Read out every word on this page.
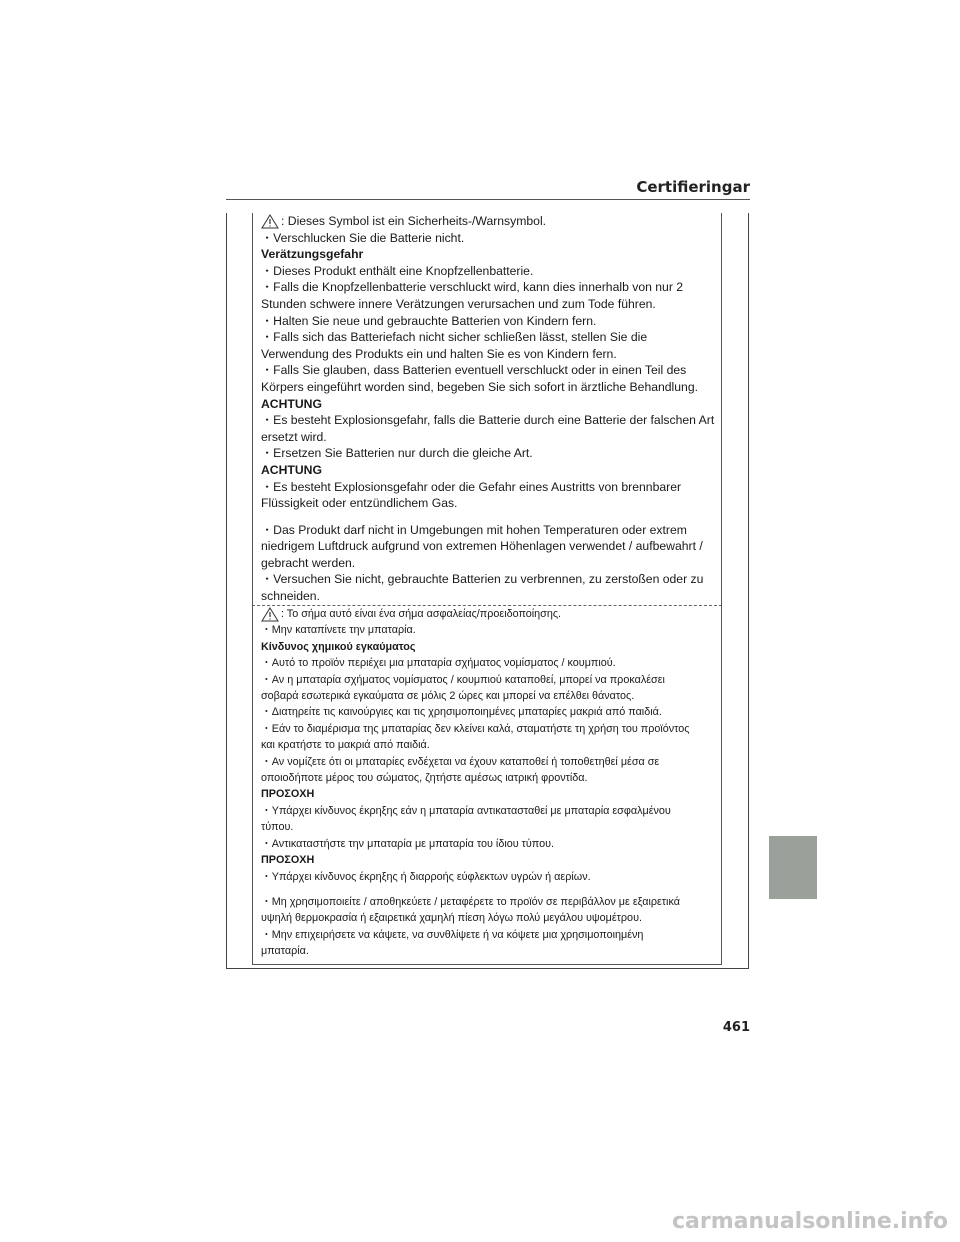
Certifieringar

: Dieses Symbol ist ein Sicherheits-/Warnsymbol.

・Verschlucken Sie die Batterie nicht.

Verätzungsgefahr

・Dieses Produkt enthält eine Knopfzellenbatterie.

・Falls die Knopfzellenbatterie verschluckt wird, kann dies innerhalb von nur 2

Stunden schwere innere Verätzungen verursachen und zum Tode führen.

・Halten Sie neue und gebrauchte Batterien von Kindern fern.

・Falls sich das Batteriefach nicht sicher schließen lässt, stellen Sie die

Verwendung des Produkts ein und halten Sie es von Kindern fern.

・Falls Sie glauben, dass Batterien eventuell verschluckt oder in einen Teil des

Körpers eingeführt worden sind, begeben Sie sich sofort in ärztliche Behandlung.

ACHTUNG

・Es besteht Explosionsgefahr, falls die Batterie durch eine Batterie der falschen Art

ersetzt wird.

・Ersetzen Sie Batterien nur durch die gleiche Art.

ACHTUNG

・Es besteht Explosionsgefahr oder die Gefahr eines Austritts von brennbarer

Flüssigkeit oder entzündlichem Gas.

・Das Produkt darf nicht in Umgebungen mit hohen Temperaturen oder extrem

niedrigem Luftdruck aufgrund von extremen Höhenlagen verwendet / aufbewahrt /

gebracht werden.

・Versuchen Sie nicht, gebrauchte Batterien zu verbrennen, zu zerstoßen oder zu

schneiden.

: Το σήμα αυτό είναι ένα σήμα ασφαλείας/προειδοποίησης.

・Μην καταπίνετε την μπαταρία.

Κίνδυνος χημικού εγκαύματος

・Αυτό το προϊόν περιέχει μια μπαταρία σχήματος νομίσματος / κουμπιού.

・Αν η μπαταρία σχήματος νομίσματος / κουμπιού καταποθεί, μπορεί να προκαλέσει

σοβαρά εσωτερικά εγκαύματα σε μόλις 2 ώρες και μπορεί να επέλθει θάνατος.

・Διατηρείτε τις καινούργιες και τις χρησιμοποιημένες μπαταρίες μακριά από παιδιά.

・Εάν το διαμέρισμα της μπαταρίας δεν κλείνει καλά, σταματήστε τη χρήση του προϊόντος

και κρατήστε το μακριά από παιδιά.

・Αν νομίζετε ότι οι μπαταρίες ενδέχεται να έχουν καταποθεί ή τοποθετηθεί μέσα σε

οποιοδήποτε μέρος του σώματος, ζητήστε αμέσως ιατρική φροντίδα.

ΠΡΟΣΟΧΗ

・Υπάρχει κίνδυνος έκρηξης εάν η μπαταρία αντικατασταθεί με μπαταρία εσφαλμένου

τύπου.

・Αντικαταστήστε την μπαταρία με μπαταρία του ίδιου τύπου.

ΠΡΟΣΟΧΗ

・Υπάρχει κίνδυνος έκρηξης ή διαρροής εύφλεκτων υγρών ή αερίων.

・Μη χρησιμοποιείτε / αποθηκεύετε / μεταφέρετε το προϊόν σε περιβάλλον με εξαιρετικά

υψηλή θερμοκρασία ή εξαιρετικά χαμηλή πίεση λόγω πολύ μεγάλου υψομέτρου.

・Μην επιχειρήσετε να κάψετε, να συνθλίψετε ή να κόψετε μια χρησιμοποιημένη

μπαταρία.

461
carmanualsonline.info
